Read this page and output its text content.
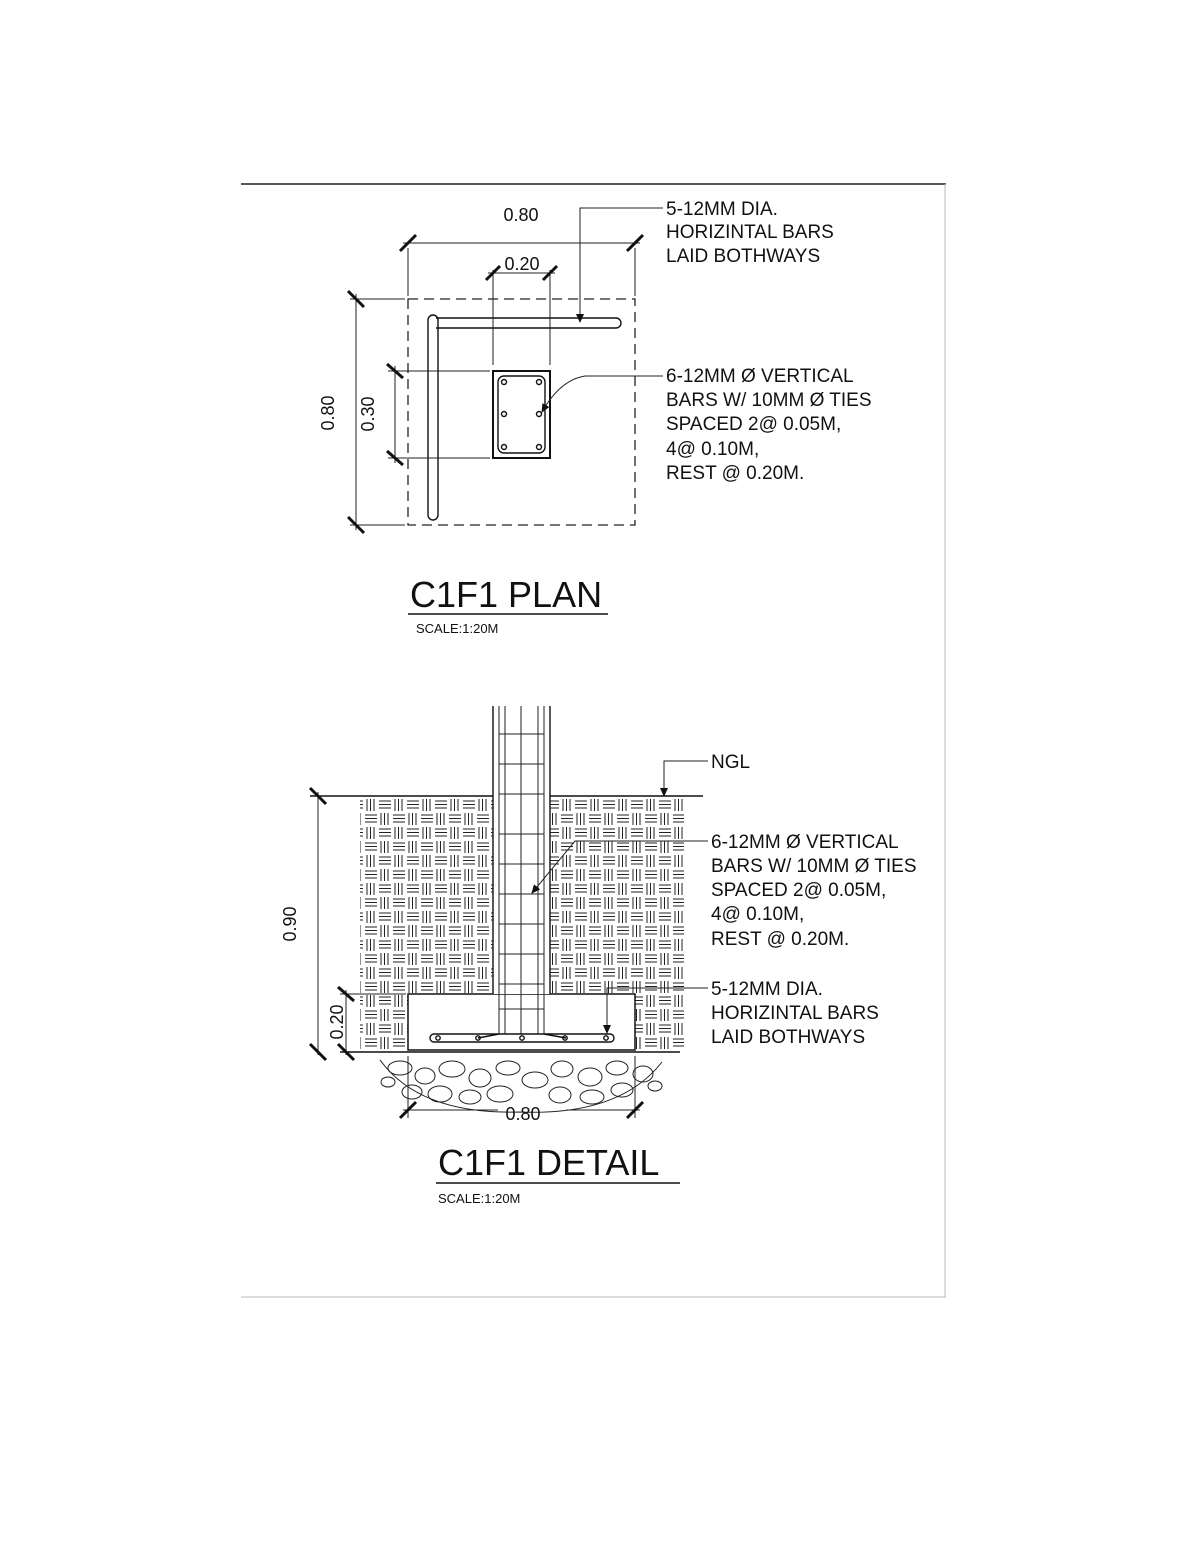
0.80
0.20
0.80 0.30
5-12MM DIA.
HORIZINTAL BARS
LAID BOTHWAYS
6-12MM Ø VERTICAL
BARS W/ 10MM Ø TIES
SPACED 2@ 0.05M,
4@ 0.10M,
REST @ 0.20M.
C1F1 PLAN
SCALE:1:20M
0.90
0.20
0.80
NGL
6-12MM Ø VERTICAL
BARS W/ 10MM Ø TIES
SPACED 2@ 0.05M,
4@ 0.10M,
REST @ 0.20M.
5-12MM DIA.
HORIZINTAL BARS
LAID BOTHWAYS
C1F1 DETAIL
SCALE:1:20M
